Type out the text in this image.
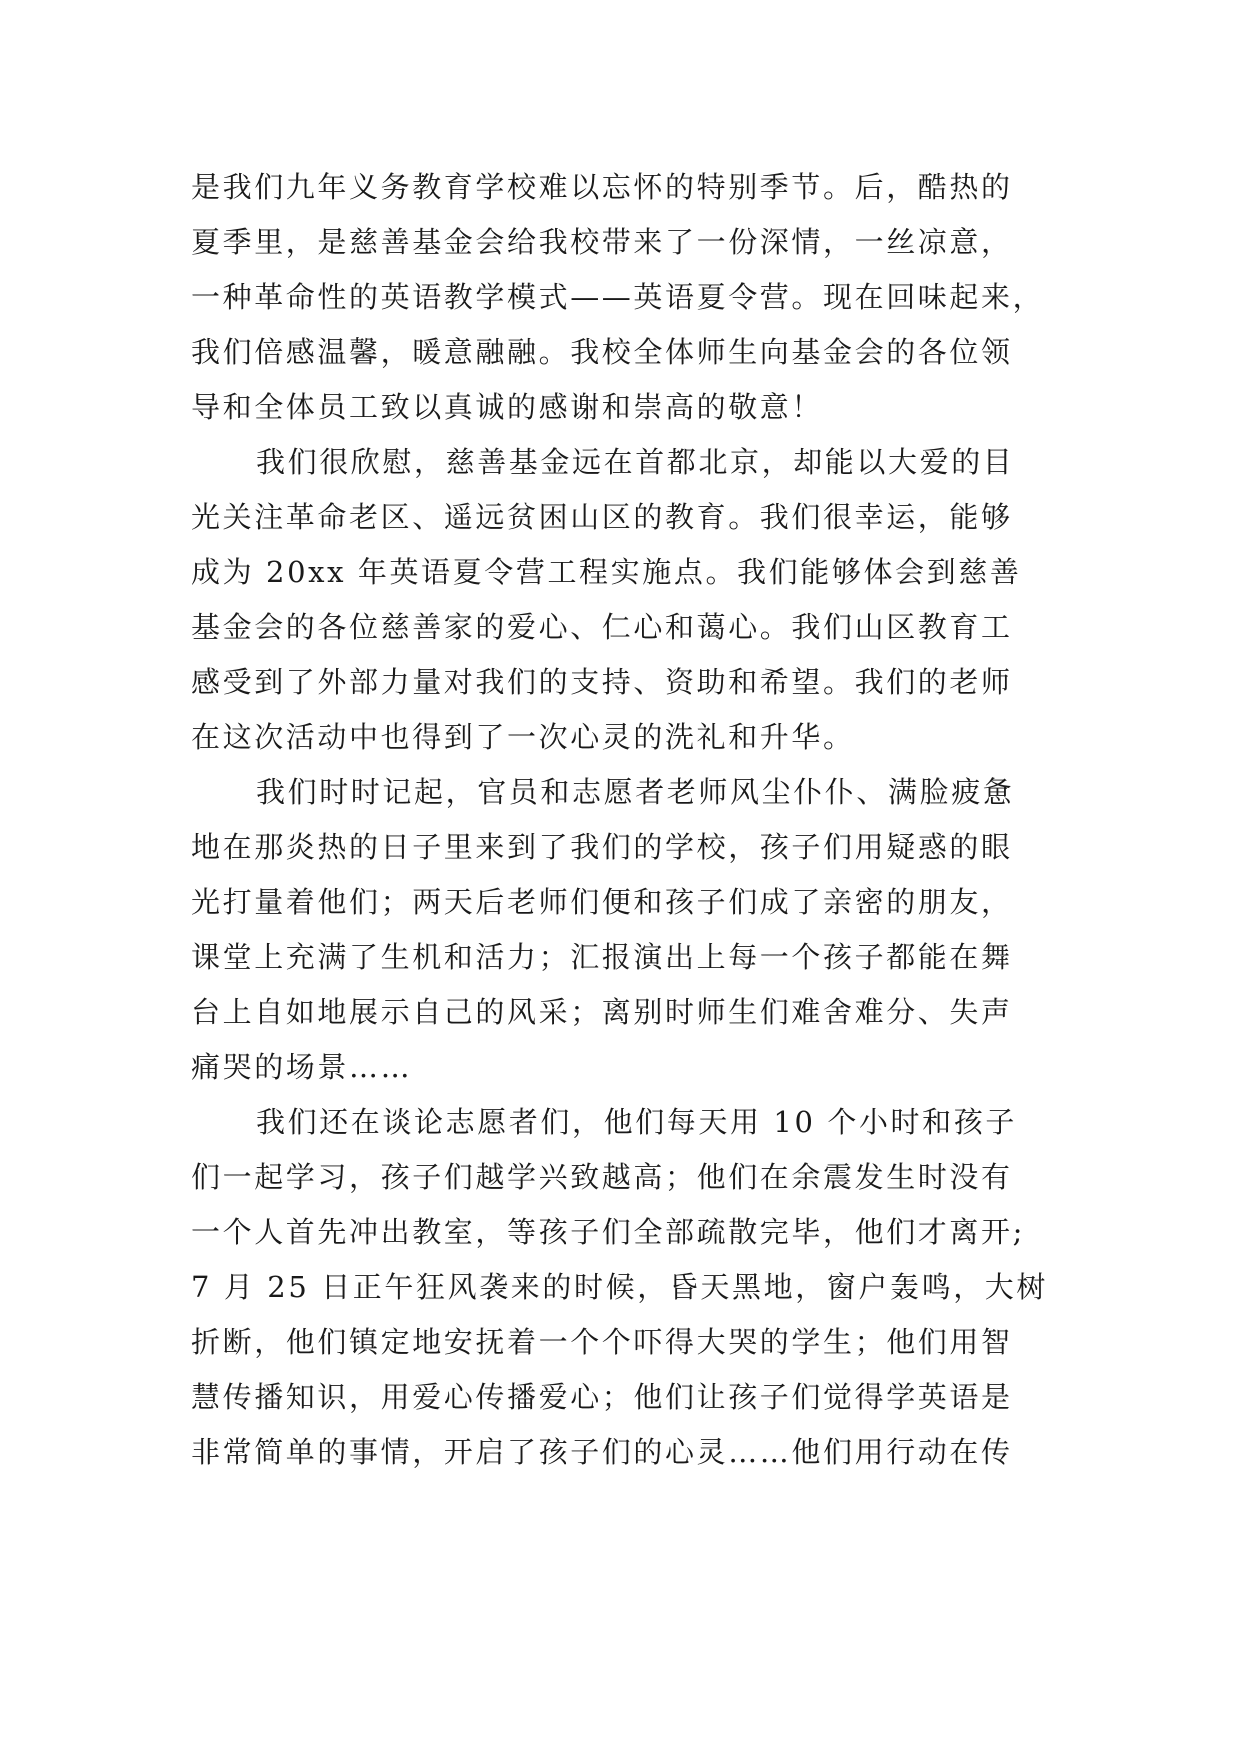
是我们九年义务教育学校难以忘怀的特别季节。后，酷热的
夏季里，是慈善基金会给我校带来了一份深情，一丝凉意，
一种革命性的英语教学模式——英语夏令营。现在回味起来，
我们倍感温馨，暖意融融。我校全体师生向基金会的各位领
导和全体员工致以真诚的感谢和崇高的敬意！
我们很欣慰，慈善基金远在首都北京，却能以大爱的目
光关注革命老区、遥远贫困山区的教育。我们很幸运，能够
成为 20xx 年英语夏令营工程实施点。我们能够体会到慈善
基金会的各位慈善家的爱心、仁心和蔼心。我们山区教育工
感受到了外部力量对我们的支持、资助和希望。我们的老师
在这次活动中也得到了一次心灵的洗礼和升华。
我们时时记起，官员和志愿者老师风尘仆仆、满脸疲惫
地在那炎热的日子里来到了我们的学校，孩子们用疑惑的眼
光打量着他们；两天后老师们便和孩子们成了亲密的朋友，
课堂上充满了生机和活力；汇报演出上每一个孩子都能在舞
台上自如地展示自己的风采；离别时师生们难舍难分、失声
痛哭的场景……
我们还在谈论志愿者们，他们每天用 10 个小时和孩子
们一起学习，孩子们越学兴致越高；他们在余震发生时没有
一个人首先冲出教室，等孩子们全部疏散完毕，他们才离开;
7 月 25 日正午狂风袭来的时候，昏天黑地，窗户轰鸣，大树
折断，他们镇定地安抚着一个个吓得大哭的学生；他们用智
慧传播知识，用爱心传播爱心；他们让孩子们觉得学英语是
非常简单的事情，开启了孩子们的心灵……他们用行动在传
